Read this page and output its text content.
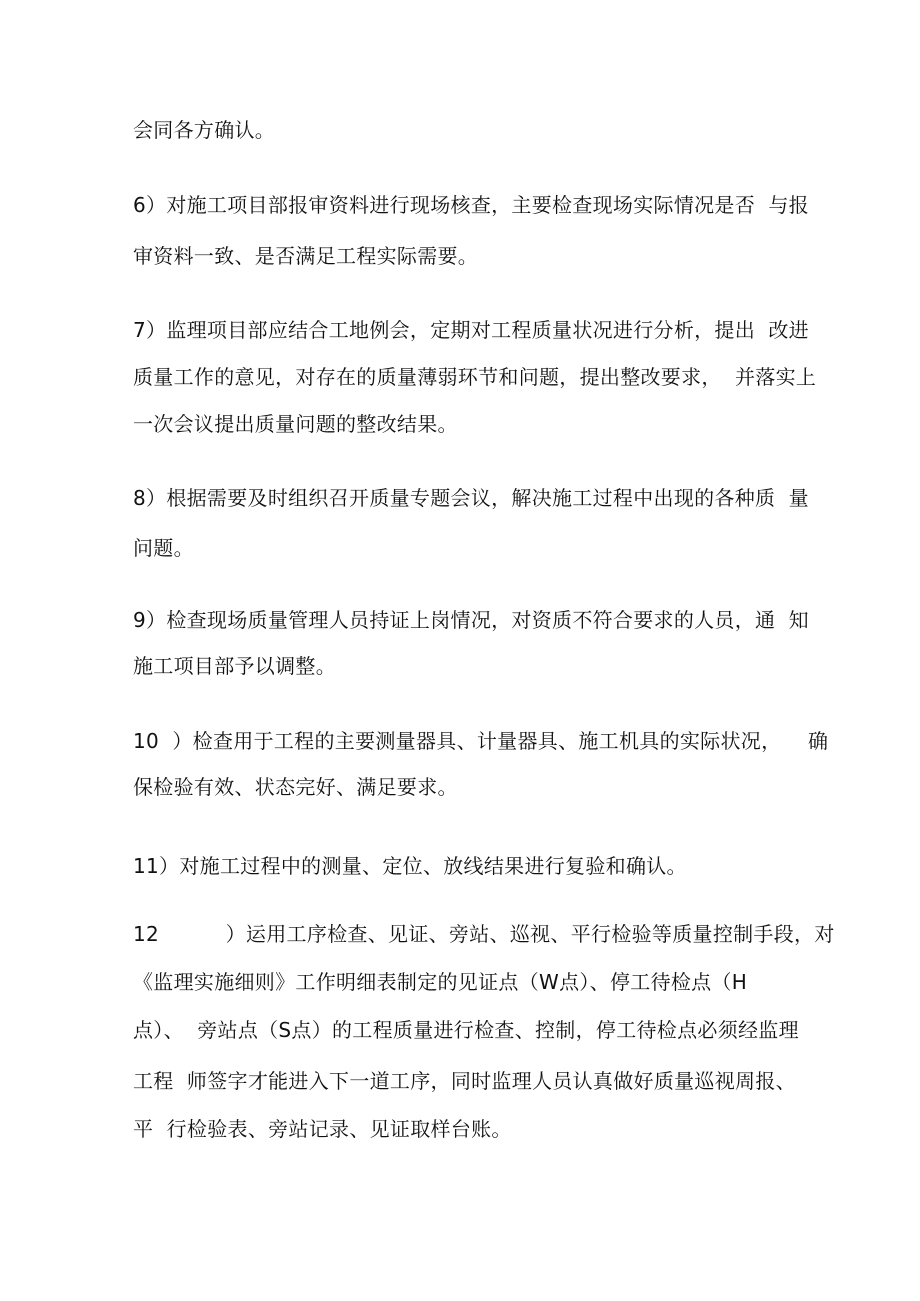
会同各方确认。
6）对施工项目部报审资料进行现场核查，主要检查现场实际情况是否  与报
审资料一致、是否满足工程实际需要。
7）监理项目部应结合工地例会，定期对工程质量状况进行分析，提出  改进
质量工作的意见，对存在的质量薄弱环节和问题，提出整改要求，  并落实上
一次会议提出质量问题的整改结果。
8）根据需要及时组织召开质量专题会议，解决施工过程中出现的各种质  量
问题。
9）检查现场质量管理人员持证上岗情况，对资质不符合要求的人员，通  知
施工项目部予以调整。
10  ）检查用于工程的主要测量器具、计量器具、施工机具的实际状况，    确
保检验有效、状态完好、满足要求。
11）对施工过程中的测量、定位、放线结果进行复验和确认。
12          ）运用工序检查、见证、旁站、巡视、平行检验等质量控制手段，对
《监理实施细则》工作明细表制定的见证点（W点）、停工待检点（H
点）、  旁站点（S点）的工程质量进行检查、控制，停工待检点必须经监理
工程  师签字才能进入下一道工序，同时监理人员认真做好质量巡视周报、
平  行检验表、旁站记录、见证取样台账。
